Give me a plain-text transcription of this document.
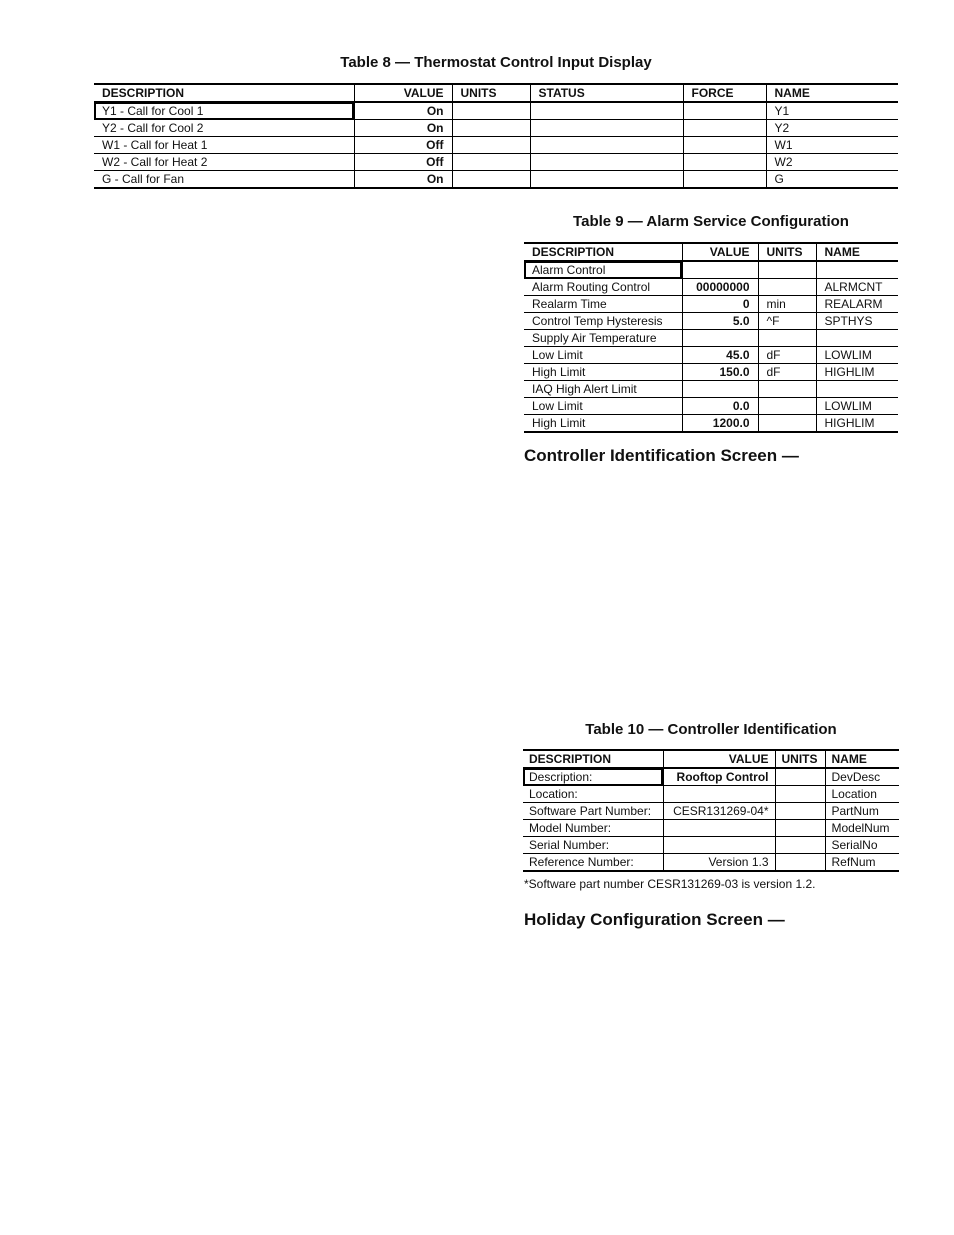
Table 8 — Thermostat Control Input Display
DESCRIPTION	VALUE	UNITS	STATUS	FORCE	NAME
Y1 - Call for Cool 1	On				Y1
Y2 - Call for Cool 2	On				Y2
W1 - Call for Heat 1	Off				W1
W2 - Call for Heat 2	Off				W2
G - Call for Fan	On				G
Table 9 — Alarm Service Configuration
DESCRIPTION	VALUE	UNITS	NAME
Alarm Control			
Alarm Routing Control	00000000		ALRMCNT
Realarm Time	0	min	REALARM
Control Temp Hysteresis	5.0	^F	SPTHYS
Supply Air Temperature			
Low Limit	45.0	dF	LOWLIM
High Limit	150.0	dF	HIGHLIM
IAQ High Alert Limit			
Low Limit	0.0		LOWLIM
High Limit	1200.0		HIGHLIM
Controller Identification Screen —
Table 10 — Controller Identification
DESCRIPTION	VALUE	UNITS	NAME
Description:	Rooftop Control		DevDesc
Location:			Location
Software Part Number:	CESR131269-04*		PartNum
Model Number:			ModelNum
Serial Number:			SerialNo
Reference Number:	Version 1.3		RefNum
*Software part number CESR131269-03 is version 1.2.
Holiday Configuration Screen —
